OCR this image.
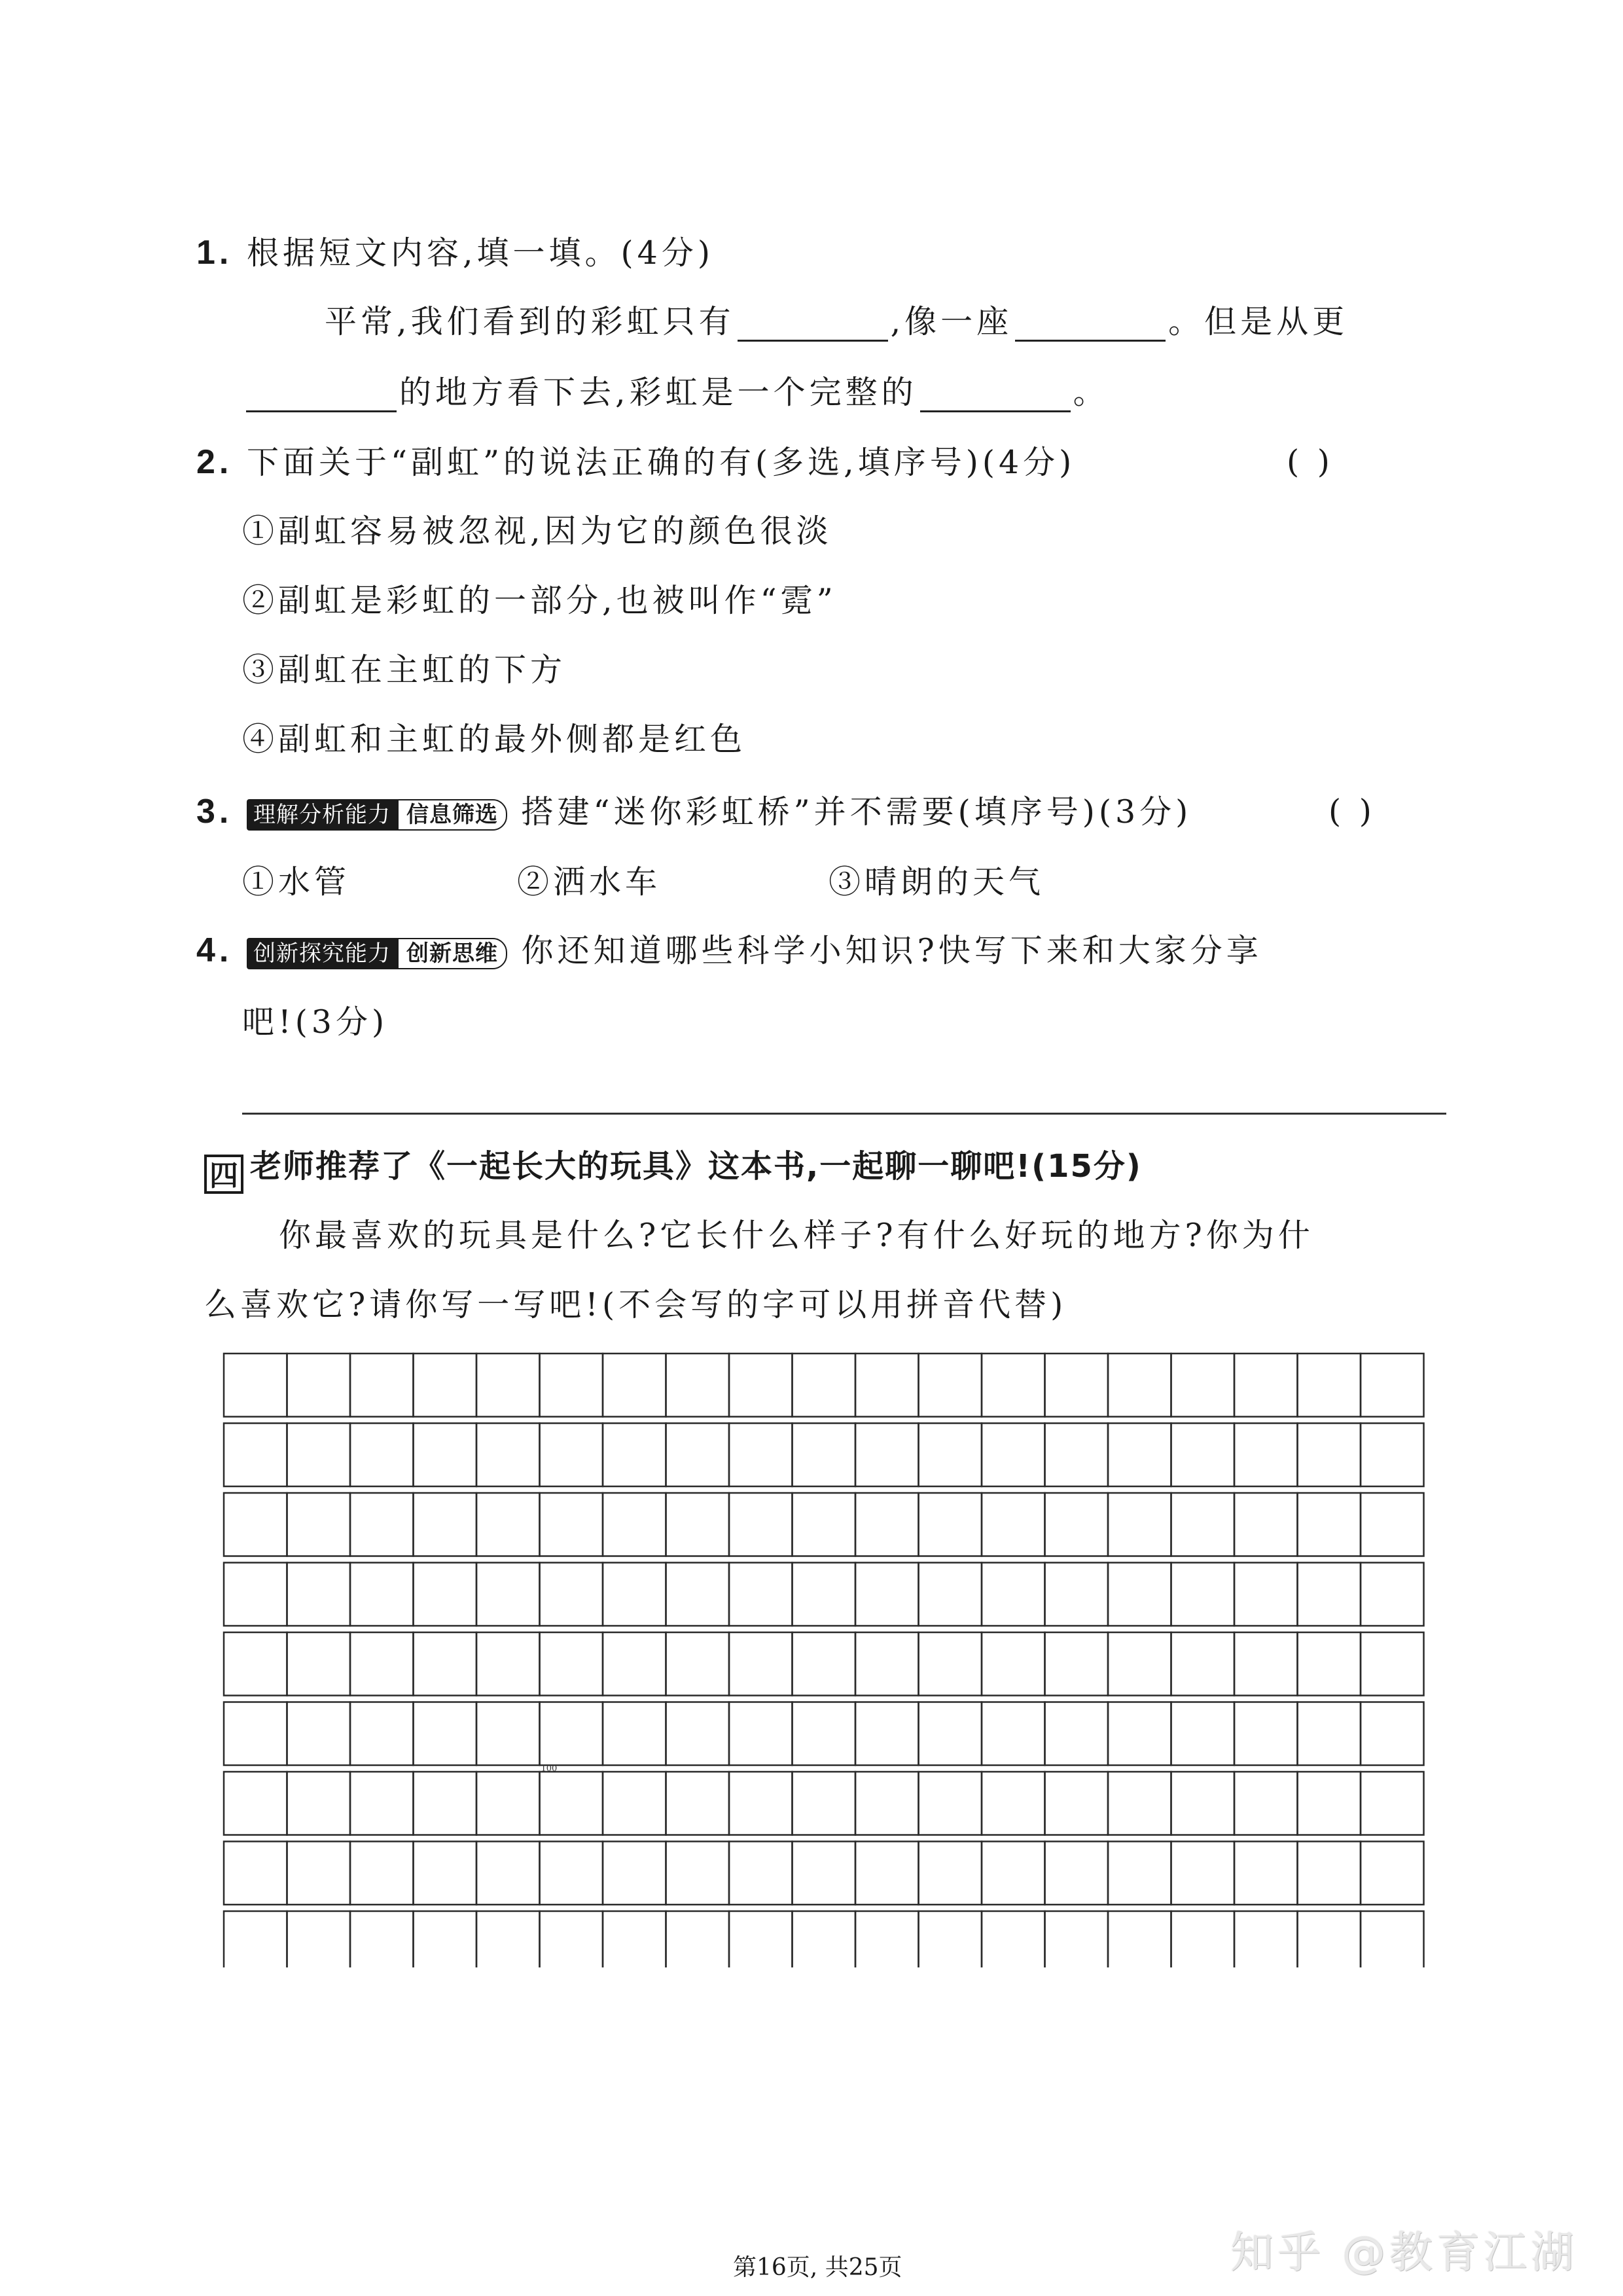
1. 根据短文内容,填一填。(4分)
平常,我们看到的彩虹只有	,像一座	。但是从更
的地方看下去,彩虹是一个完整的	。
2. 下面关于“副虹”的说法正确的有(多选,填序号)(4分)	( )
①副虹容易被忽视,因为它的颜色很淡
②副虹是彩虹的一部分,也被叫作“霓”
③副虹在主虹的下方
④副虹和主虹的最外侧都是红色
3. 理解分析能力 信息筛选 搭建“迷你彩虹桥”并不需要(填序号)(3分)	( )
①水管	②洒水车	③晴朗的天气
4. 创新探究能力 创新思维 你还知道哪些科学小知识?快写下来和大家分享
吧!(3分)
四 老师推荐了《一起长大的玩具》这本书,一起聊一聊吧!(15分)
你最喜欢的玩具是什么?它长什么样子?有什么好玩的地方?你为什
么喜欢它?请你写一写吧!(不会写的字可以用拼音代替)
100
第16页, 共25页	知乎 @教育江湖
